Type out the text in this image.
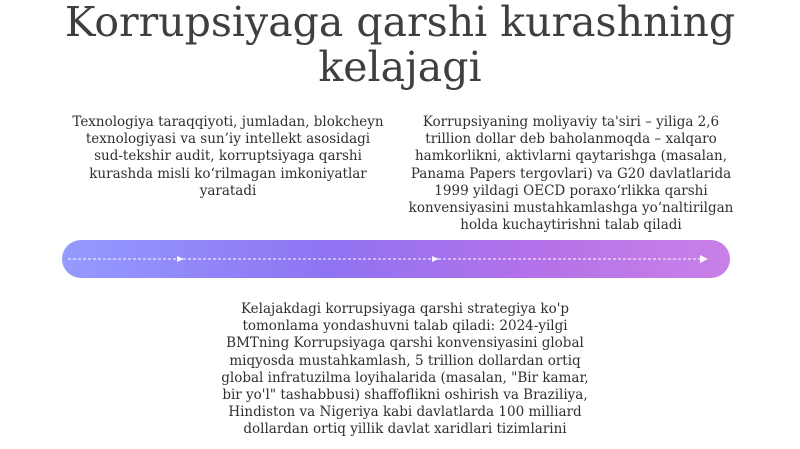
Korrupsiyaga qarshi kurashning
kelajagi
Texnologiya taraqqiyoti, jumladan, blokcheyn texnologiyasi va sun’iy intellekt asosidagi sud-tekshir audit, korruptsiyaga qarshi kurashda misli ko‘rilmagan imkoniyatlar yaratadi
Korrupsiyaning moliyaviy ta'siri – yiliga 2,6 trillion dollar deb baholanmoqda – xalqaro hamkorlikni, aktivlarni qaytarishga (masalan, Panama Papers tergovlari) va G20 davlatlarida 1999 yildagi OECD poraxo‘rlikka qarshi konvensiyasini mustahkamlashga yo‘naltirilgan holda kuchaytirishni talab qiladi
Kelajakdagi korrupsiyaga qarshi strategiya ko'p tomonlama yondashuvni talab qiladi: 2024-yilgi BMTning Korrupsiyaga qarshi konvensiyasini global miqyosda mustahkamlash, 5 trillion dollardan ortiq global infratuzilma loyihalarida (masalan, "Bir kamar, bir yo'l" tashabbusi) shaffoflikni oshirish va Braziliya, Hindiston va Nigeriya kabi davlatlarda 100 milliard dollardan ortiq yillik davlat xaridlari tizimlarini
